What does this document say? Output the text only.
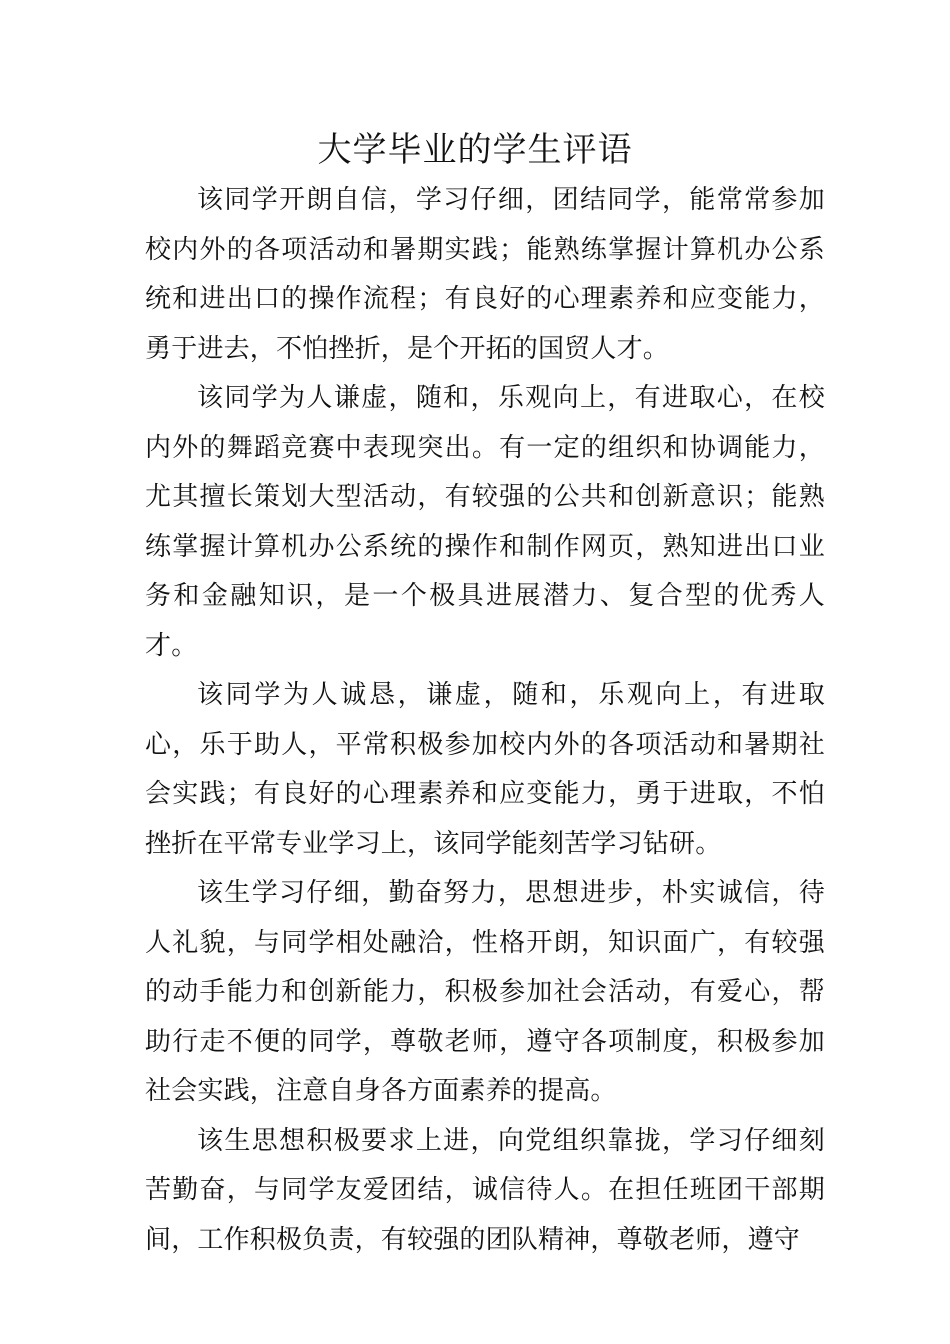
大学毕业的学生评语

该同学开朗自信，学习仔细，团结同学，能常常参加校内外的各项活动和暑期实践；能熟练掌握计算机办公系统和进出口的操作流程；有良好的心理素养和应变能力，勇于进去，不怕挫折，是个开拓的国贸人才。

该同学为人谦虚，随和，乐观向上，有进取心，在校内外的舞蹈竞赛中表现突出。有一定的组织和协调能力，尤其擅长策划大型活动，有较强的公共和创新意识；能熟练掌握计算机办公系统的操作和制作网页，熟知进出口业务和金融知识，是一个极具进展潜力、复合型的优秀人才。

该同学为人诚恳，谦虚，随和，乐观向上，有进取心，乐于助人，平常积极参加校内外的各项活动和暑期社会实践；有良好的心理素养和应变能力，勇于进取，不怕挫折在平常专业学习上，该同学能刻苦学习钻研。

该生学习仔细，勤奋努力，思想进步，朴实诚信，待人礼貌，与同学相处融洽，性格开朗，知识面广，有较强的动手能力和创新能力，积极参加社会活动，有爱心，帮助行走不便的同学，尊敬老师，遵守各项制度，积极参加社会实践，注意自身各方面素养的提高。

该生思想积极要求上进，向党组织靠拢，学习仔细刻苦勤奋，与同学友爱团结，诚信待人。在担任班团干部期间，工作积极负责，有较强的团队精神，尊敬老师，遵守
